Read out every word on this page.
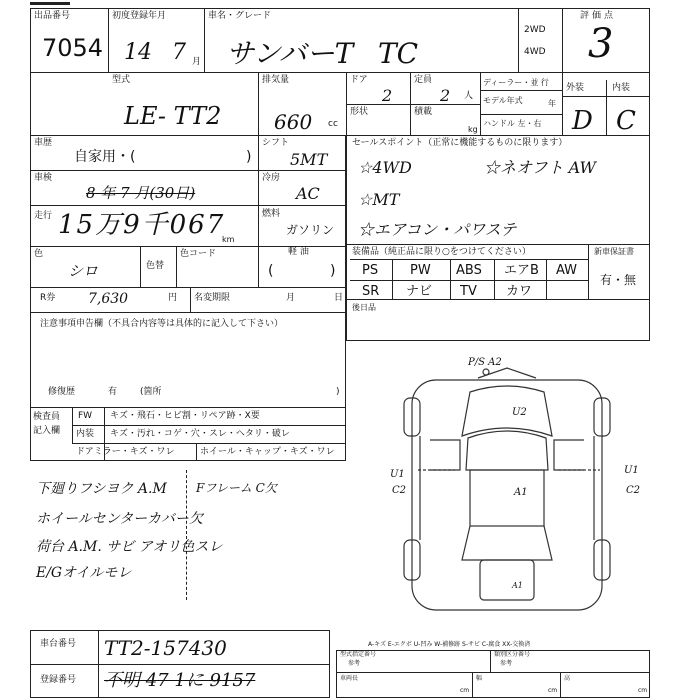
出品番号
7054
初度登録年月
14 7 月
車名・グレード
サンバーT TC
2WD
4WD
評価点
3
型式
LE- TT2
排気量
660 cc
ドア
2
定員
2 人
ディーラー・並 行
モデル年式	年
形状	積載
kg
ハンドル 左・右
外装	内装
D C
車歴
自家用・(	)
シフト
5MT
車検
8 年 7 月(30日)
冷房
AC
走行 15万9千067
km
燃料
ガソリン
色
シロ	色替
色コード	軽 油
(	)
R券 7,630	円 名変期限	月	日
セールスポイント（正常に機能するものに限ります）
☆4WD	☆ネオフト AW
☆MT
☆エアコン・パワステ
装備品（純正品に限り○をつけてください）
PS PW ABS エアB AW
SR ナビ TV カワ
新車保証書
有・無
後日品
注意事項申告欄（不具合内容等は具体的に記入して下さい）
修復歴	有	(箇所	)
検査員
記入欄
FW キズ・飛石・ヒビ割・リペア跡・X要
内装 キズ・汚れ・コゲ・穴・スレ・ヘタリ・破レ
ドアミラー・キズ・ワレ	ホイール・キャップ・キズ・ワレ
下廻りフシヨク A.M Fフレーム C欠
ホイールセンターカバー欠
荷台 A.M. サビ アオリ色スレ
E/Gオイルモレ
P/S A2
U2
A1
U1
C2
U1
C2
A1
A-キズ E-エクボ U-凹み W-補修跡 S-サビ C-腐食 XX-交換済
車台番号 TT2-157430
登録番号 不明 47 1に 9157
型式指定番号
参考
類別区分番号
参考
車両長	幅	高
cm	cm	cm
